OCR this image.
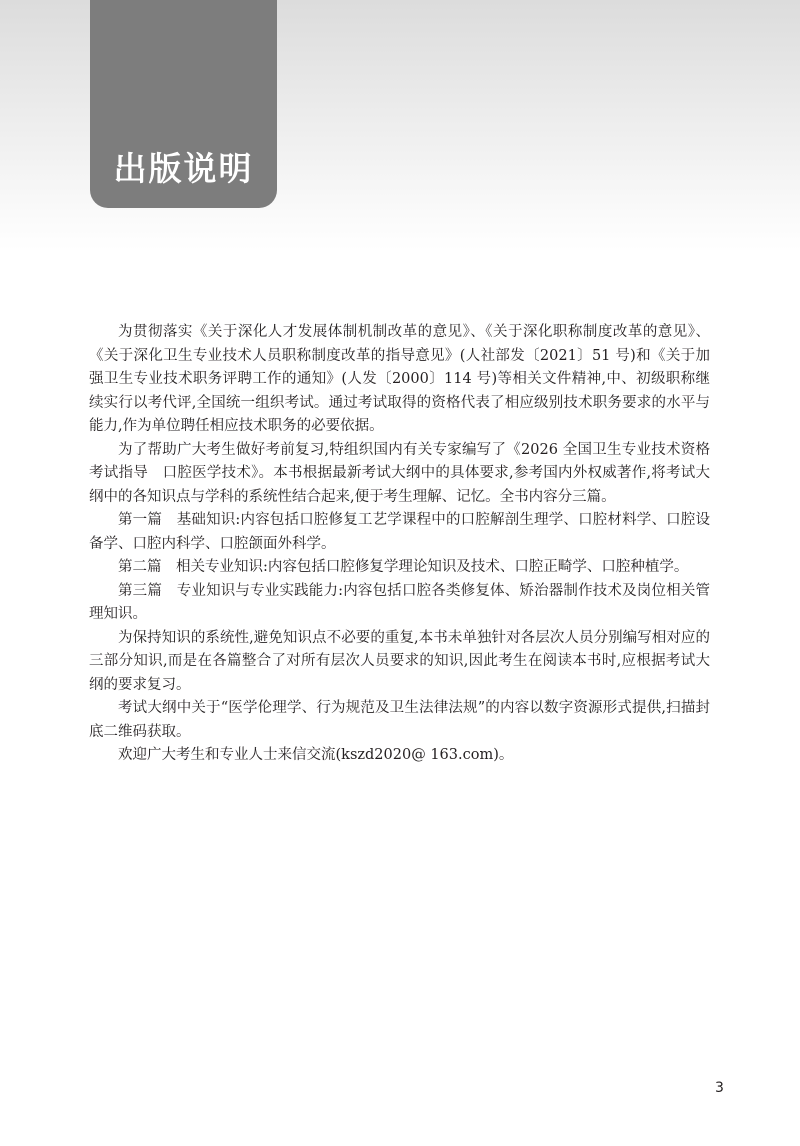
出版说明

为贯彻落实《关于深化人才发展体制机制改革的意见》、《关于深化职称制度改革的意见》、《关于深化卫生专业技术人员职称制度改革的指导意见》(人社部发〔2021〕51 号)和《关于加强卫生专业技术职务评聘工作的通知》(人发〔2000〕114 号)等相关文件精神,中、初级职称继续实行以考代评,全国统一组织考试。通过考试取得的资格代表了相应级别技术职务要求的水平与能力,作为单位聘任相应技术职务的必要依据。

为了帮助广大考生做好考前复习,特组织国内有关专家编写了《2026 全国卫生专业技术资格考试指导　口腔医学技术》。本书根据最新考试大纲中的具体要求,参考国内外权威著作,将考试大纲中的各知识点与学科的系统性结合起来,便于考生理解、记忆。全书内容分三篇。

第一篇　基础知识:内容包括口腔修复工艺学课程中的口腔解剖生理学、口腔材料学、口腔设备学、口腔内科学、口腔颌面外科学。

第二篇　相关专业知识:内容包括口腔修复学理论知识及技术、口腔正畸学、口腔种植学。

第三篇　专业知识与专业实践能力:内容包括口腔各类修复体、矫治器制作技术及岗位相关管理知识。

为保持知识的系统性,避免知识点不必要的重复,本书未单独针对各层次人员分别编写相对应的三部分知识,而是在各篇整合了对所有层次人员要求的知识,因此考生在阅读本书时,应根据考试大纲的要求复习。

考试大纲中关于“医学伦理学、行为规范及卫生法律法规”的内容以数字资源形式提供,扫描封底二维码获取。

欢迎广大考生和专业人士来信交流(kszd2020@ 163.com)。

3
